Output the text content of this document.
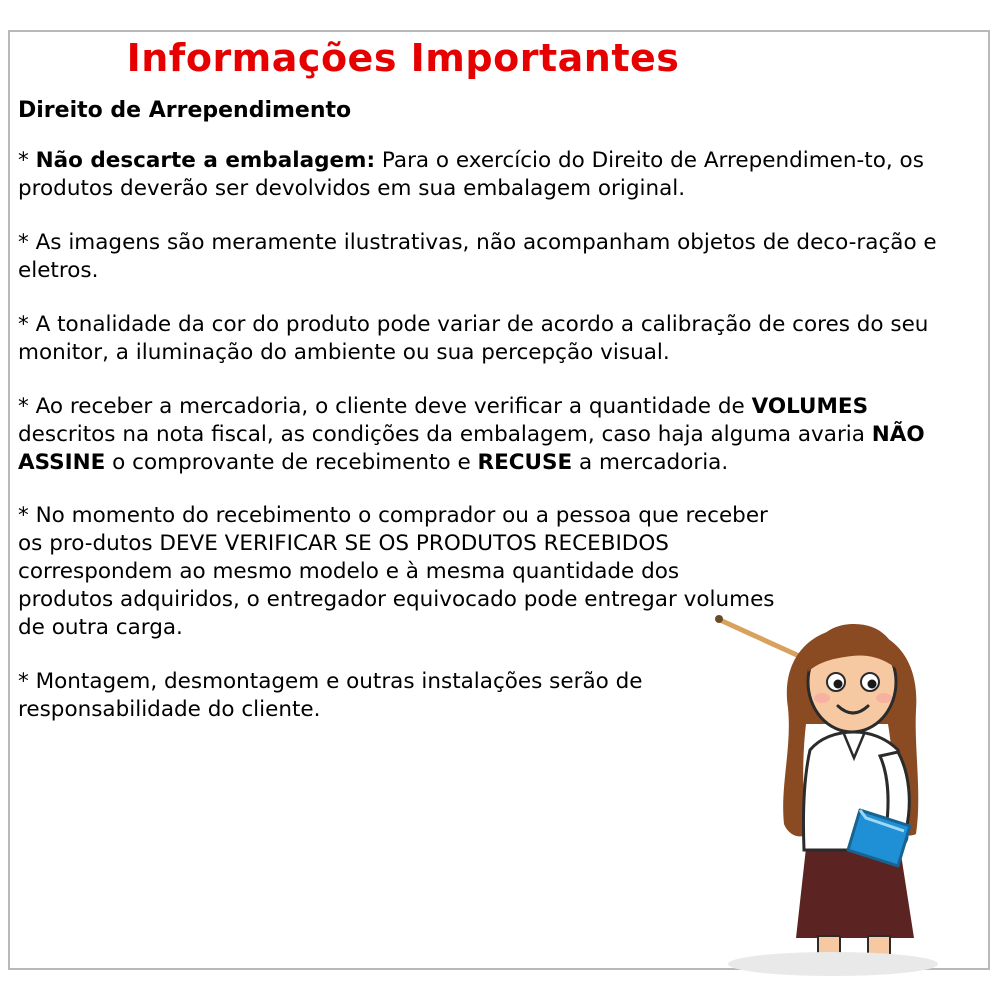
Informações Importantes
Direito de Arrependimento

* Não descarte a embalagem: Para o exercício do Direito de Arrependimen-to, os produtos deverão ser devolvidos em sua embalagem original.

* As imagens são meramente ilustrativas, não acompanham objetos de deco-ração e eletros.

* A tonalidade da cor do produto pode variar de acordo a calibração de cores do seu monitor, a iluminação do ambiente ou sua percepção visual.

* Ao receber a mercadoria, o cliente deve verificar a quantidade de VOLUMES descritos na nota fiscal, as condições da embalagem, caso haja alguma avaria NÃO ASSINE o comprovante de recebimento e RECUSE a mercadoria.

* No momento do recebimento o comprador ou a pessoa que receber os pro-dutos DEVE VERIFICAR SE OS PRODUTOS RECEBIDOS correspondem ao mesmo modelo e à mesma quantidade dos produtos adquiridos, o entregador equivocado pode entregar volumes de outra carga.

* Montagem, desmontagem e outras instalações serão de responsabilidade do cliente.
